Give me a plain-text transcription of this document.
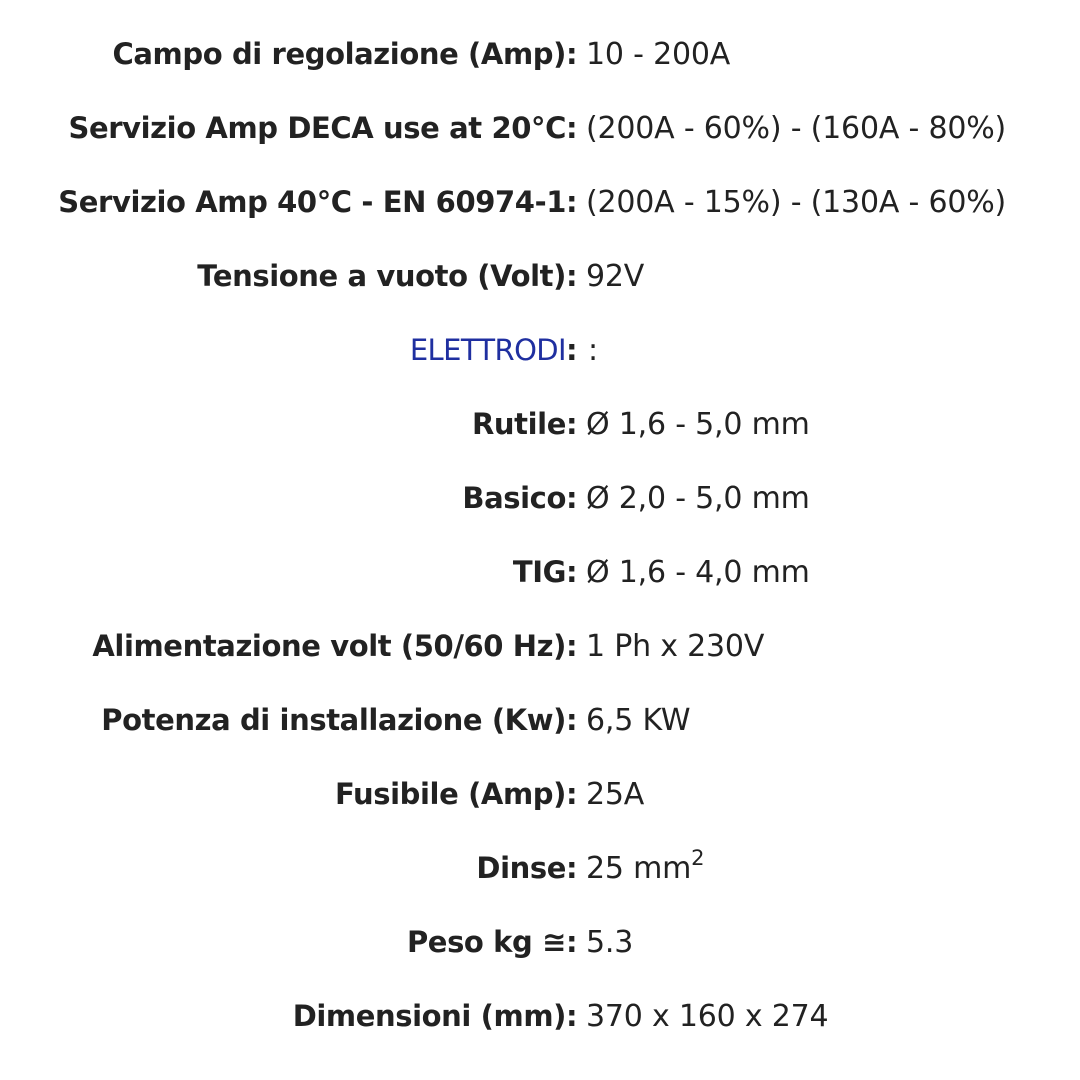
Campo di regolazione (Amp) : 10 - 200A
Servizio Amp DECA use at 20°C : (200A - 60%) - (160A - 80%)
Servizio Amp 40°C - EN 60974-1 : (200A - 15%) - (130A - 60%)
Tensione a vuoto (Volt) : 92V
ELETTRODI : :
Rutile : Ø 1,6 - 5,0 mm
Basico : Ø 2,0 - 5,0 mm
TIG : Ø 1,6 - 4,0 mm
Alimentazione volt (50/60 Hz) : 1 Ph x 230V
Potenza di installazione (Kw) : 6,5 KW
Fusibile (Amp) : 25A
Dinse : 25 $mm^2$
Peso kg ≅ : 5.3
Dimensioni (mm) : 370 x 160 x 274
